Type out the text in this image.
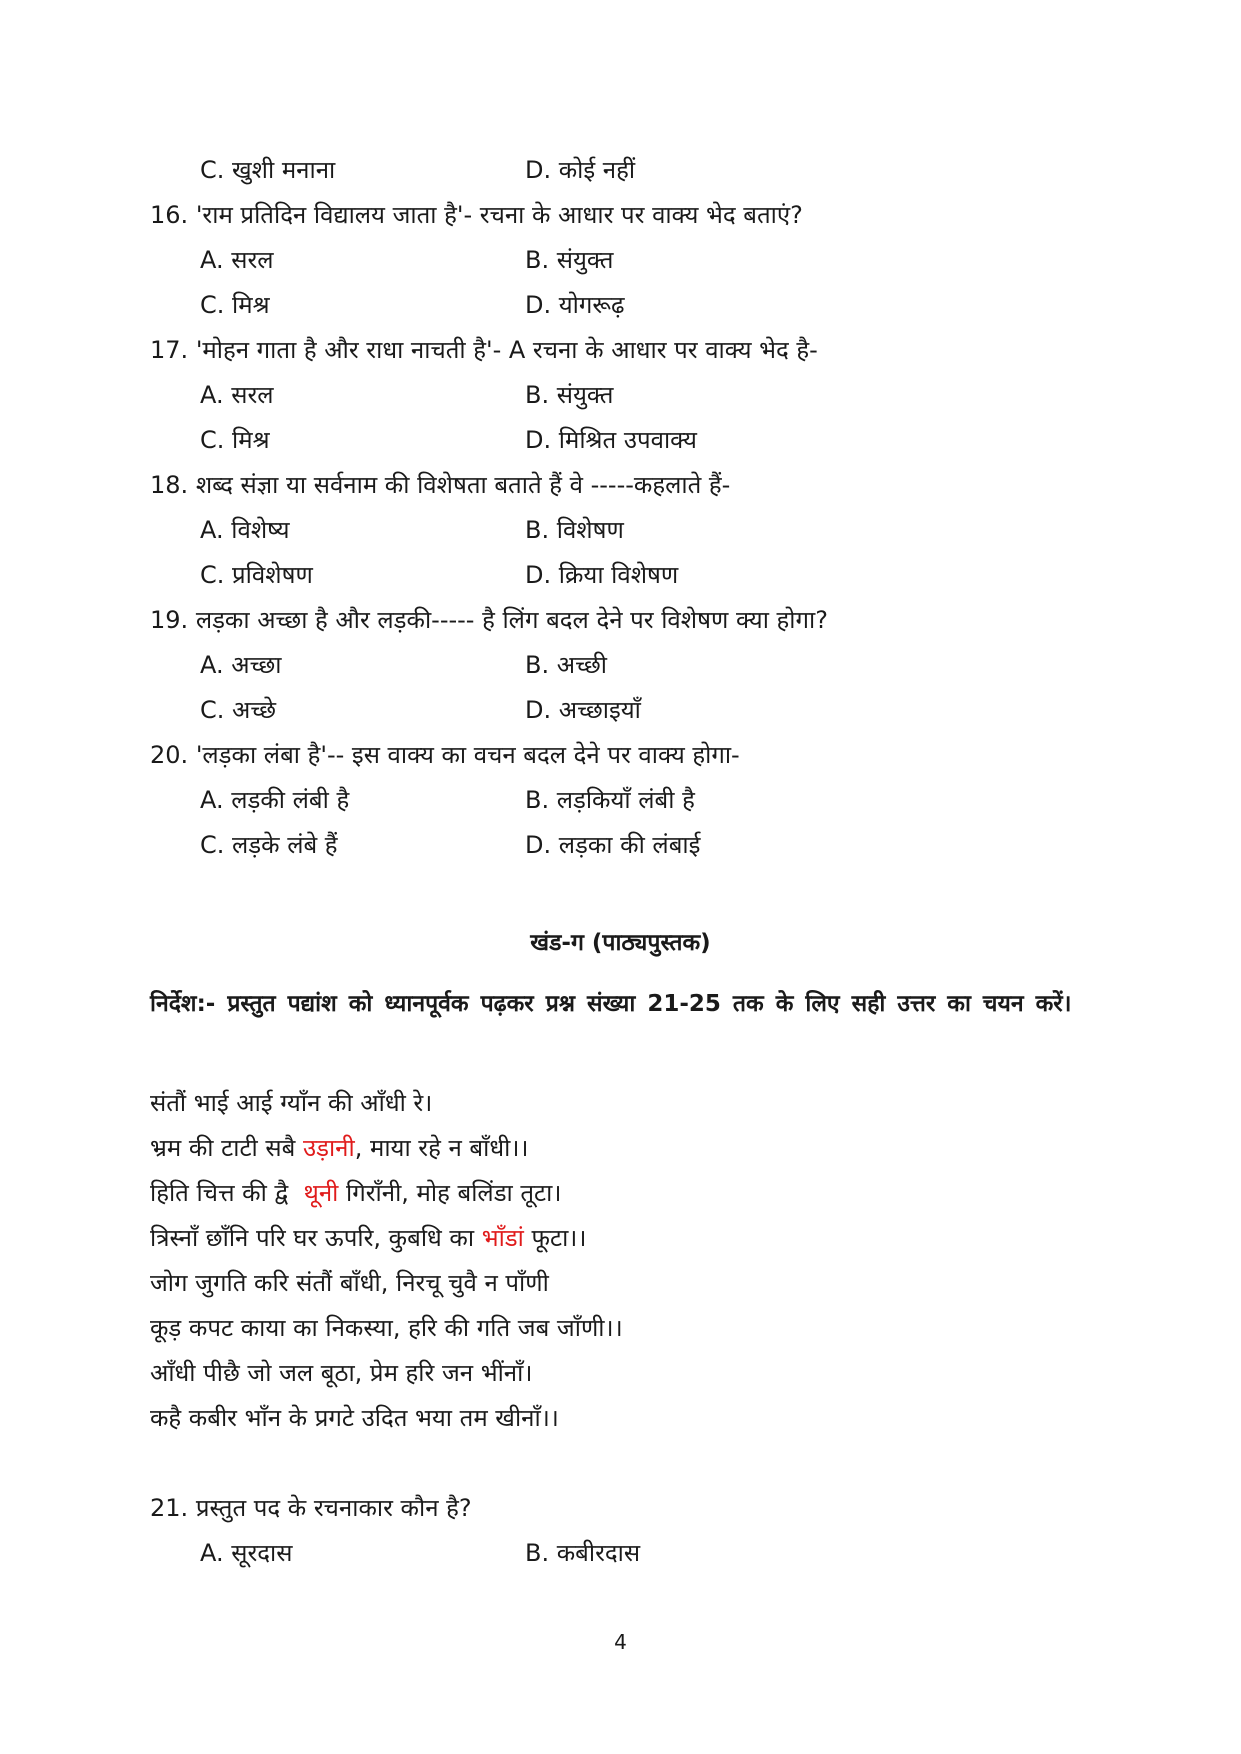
C. खुशी मनाना	D. कोई नहीं
16. 'राम प्रतिदिन विद्यालय जाता है'- रचना के आधार पर वाक्य भेद बताएं?
A. सरल	B. संयुक्त
C. मिश्र	D. योगरूढ़
17. 'मोहन गाता है और राधा नाचती है'- A रचना के आधार पर वाक्य भेद है-
A. सरल	B. संयुक्त
C. मिश्र	D. मिश्रित उपवाक्य
18. शब्द संज्ञा या सर्वनाम की विशेषता बताते हैं वे -----कहलाते हैं-
A. विशेष्य	B. विशेषण
C. प्रविशेषण	D. क्रिया विशेषण
19. लड़का अच्छा है और लड़की----- है लिंग बदल देने पर विशेषण क्या होगा?
A. अच्छा	B. अच्छी
C. अच्छे	D. अच्छाइयाँ
20. 'लड़का लंबा है'-- इस वाक्य का वचन बदल देने पर वाक्य होगा-
A. लड़की लंबी है	B. लड़कियाँ लंबी है
C. लड़के लंबे हैं	D. लड़का की लंबाई
खंड-ग (पाठ्यपुस्तक)
निर्देश:- प्रस्तुत पद्यांश को ध्यानपूर्वक पढ़कर प्रश्न संख्या 21-25 तक के लिए सही उत्तर का चयन करें।
संतौं भाई आई ग्याँन की आँधी रे।
भ्रम की टाटी सबै उड़ानी, माया रहे न बाँधी।।
हिति चित्त की द्वै  थूनी गिराँनी, मोह बलिंडा तूटा।
त्रिस्नाँ छाँनि परि घर ऊपरि, कुबधि का भाँडां फूटा।।
जोग जुगति करि संतौं बाँधी, निरचू चुवै न पाँणी
कूड़ कपट काया का निकस्या, हरि की गति जब जाँणी।।
आँधी पीछै जो जल बूठा, प्रेम हरि जन भींनाँ।
कहै कबीर भाँन के प्रगटे उदित भया तम खीनाँ।।
21. प्रस्तुत पद के रचनाकार कौन है?
A. सूरदास	B. कबीरदास
4
